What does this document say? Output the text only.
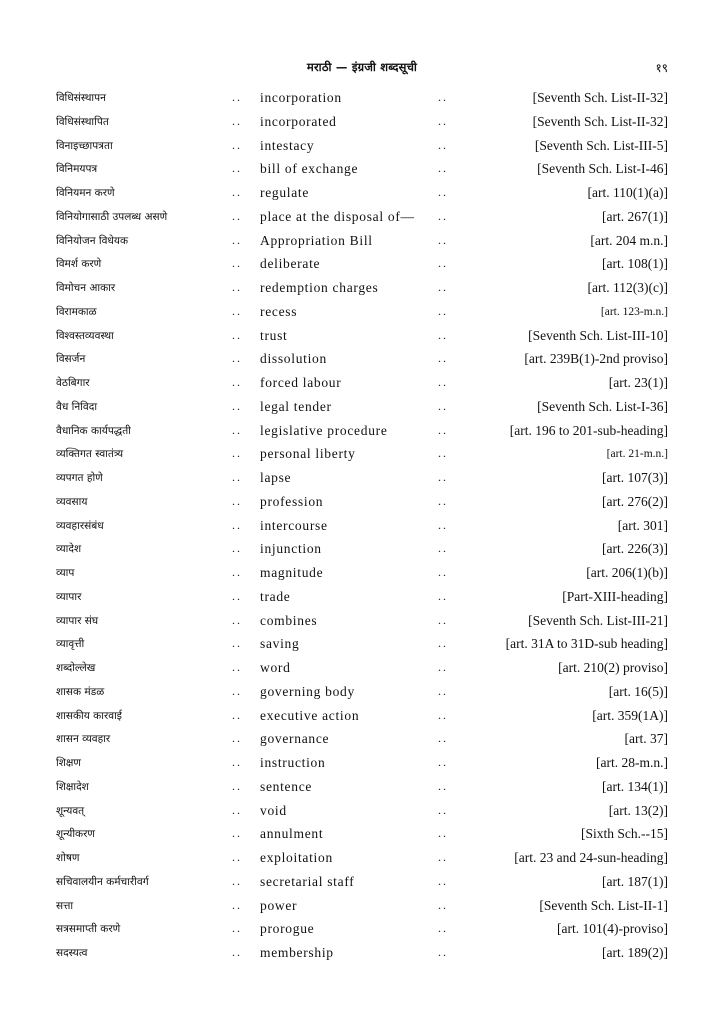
मराठी — इंग्रजी शब्दसूची	१९
विधिसंस्थापन	.. incorporation	..	[Seventh Sch. List-II-32]
विधिसंस्थापित	.. incorporated	..	[Seventh Sch. List-II-32]
विनाइच्छापत्रता	.. intestacy	..	[Seventh Sch. List-III-5]
विनिमयपत्र	.. bill of exchange	..	[Seventh Sch. List-I-46]
विनियमन करणे	.. regulate	..	[art. 110(1)(a)]
विनियोगासाठी उपलब्ध असणे	.. place at the disposal of— ..	[art. 267(1)]
विनियोजन विधेयक	.. Appropriation Bill	..	[art. 204 m.n.]
विमर्श करणे	.. deliberate	..	[art. 108(1)]
विमोचन आकार	.. redemption charges	..	[art. 112(3)(c)]
विरामकाळ	.. recess	..	[art. 123-m.n.]
विश्वस्तव्यवस्था	.. trust	..	[Seventh Sch. List-III-10]
विसर्जन	.. dissolution	..	[art. 239B(1)-2nd proviso]
वेठबिगार	.. forced labour	..	[art. 23(1)]
वैध निविदा	.. legal tender	..	[Seventh Sch. List-I-36]
वैधानिक कार्यपद्धती	.. legislative procedure	..	[art. 196 to 201-sub-heading]
व्यक्तिगत स्वातंत्र्य	.. personal liberty	..	[art. 21-m.n.]
व्यपगत होणे	.. lapse	..	[art. 107(3)]
व्यवसाय	.. profession	..	[art. 276(2)]
व्यवहारसंबंध	.. intercourse	..	[art. 301]
व्यादेश	.. injunction	..	[art. 226(3)]
व्याप	.. magnitude	..	[art. 206(1)(b)]
व्यापार	.. trade	..	[Part-XIII-heading]
व्यापार संघ	.. combines	..	[Seventh Sch. List-III-21]
व्यावृत्ती	.. saving	..	[art. 31A to 31D-sub heading]
शब्दोल्लेख	.. word	..	[art. 210(2) proviso]
शासक मंडळ	.. governing body	..	[art. 16(5)]
शासकीय कारवाई	.. executive action	..	[art. 359(1A)]
शासन व्यवहार	.. governance	..	[art. 37]
शिक्षण	.. instruction	..	[art. 28-m.n.]
शिक्षादेश	.. sentence	..	[art. 134(1)]
शून्यवत्	.. void	..	[art. 13(2)]
शून्यीकरण	.. annulment	..	[Sixth Sch.--15]
शोषण	.. exploitation	..	[art. 23 and 24-sun-heading]
सचिवालयीन कर्मचारीवर्ग	.. secretarial staff	..	[art. 187(1)]
सत्ता	.. power	..	[Seventh Sch. List-II-1]
सत्रसमाप्ती करणे	.. prorogue	..	[art. 101(4)-proviso]
सदस्यत्व	.. membership	..	[art. 189(2)]
